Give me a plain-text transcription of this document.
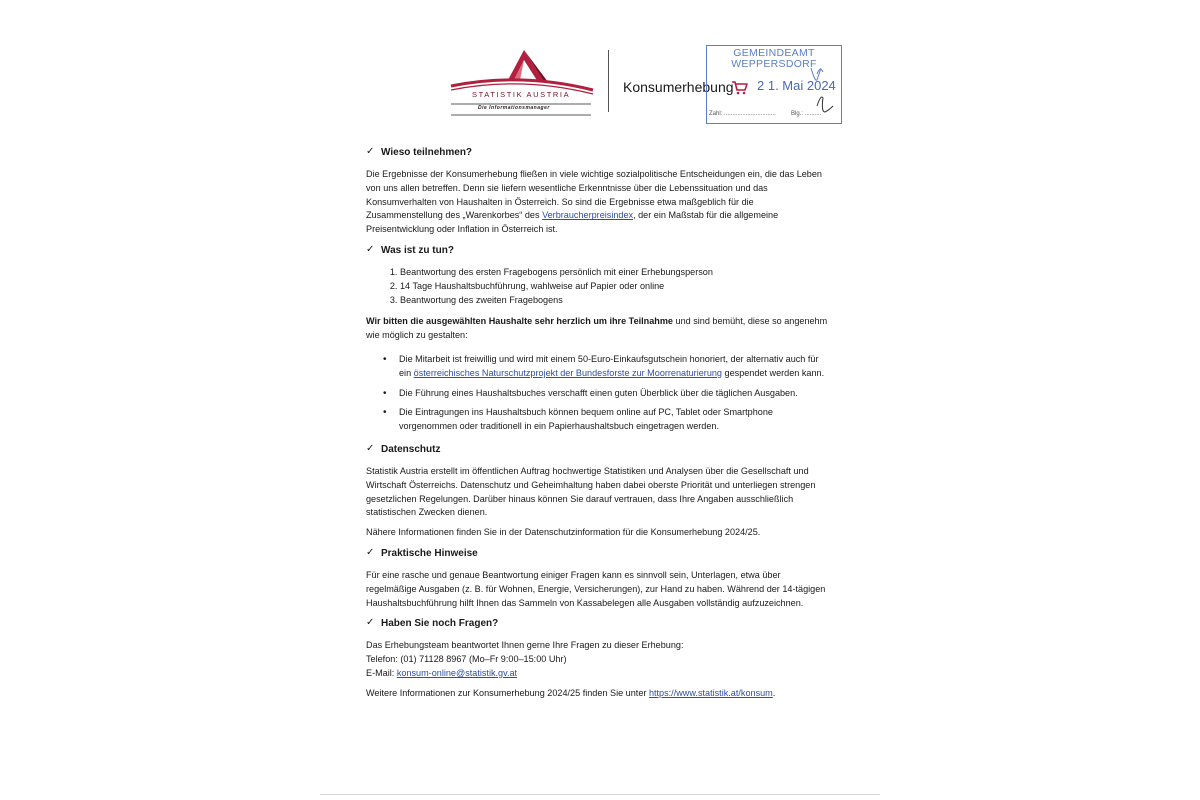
STATISTIK AUSTRIA
Die Informationsmanager
Konsumerhebung
GEMEINDEAMT
WEPPERSDORF
2 1. Mai 2024
Zahl: ...............................	Blg.: ..........
✓ Wieso teilnehmen?

Die Ergebnisse der Konsumerhebung fließen in viele wichtige sozialpolitische Entscheidungen ein, die das Leben von uns allen betreffen. Denn sie liefern wesentliche Erkenntnisse über die Lebenssituation und das Konsumverhalten von Haushalten in Österreich. So sind die Ergebnisse etwa maßgeblich für die Zusammenstellung des „Warenkorbes“ des Verbraucherpreisindex, der ein Maßstab für die allgemeine Preisentwicklung oder Inflation in Österreich ist.

✓ Was ist zu tun?
1. Beantwortung des ersten Fragebogens persönlich mit einer Erhebungsperson
2. 14 Tage Haushaltsbuchführung, wahlweise auf Papier oder online
3. Beantwortung des zweiten Fragebogens

Wir bitten die ausgewählten Haushalte sehr herzlich um ihre Teilnahme und sind bemüht, diese so angenehm wie möglich zu gestalten:

• Die Mitarbeit ist freiwillig und wird mit einem 50-Euro-Einkaufsgutschein honoriert, der alternativ auch für ein österreichisches Naturschutzprojekt der Bundesforste zur Moorrenaturierung gespendet werden kann.
• Die Führung eines Haushaltsbuches verschafft einen guten Überblick über die täglichen Ausgaben.
• Die Eintragungen ins Haushaltsbuch können bequem online auf PC, Tablet oder Smartphone vorgenommen oder traditionell in ein Papierhaushaltsbuch eingetragen werden.
✓ Datenschutz

Statistik Austria erstellt im öffentlichen Auftrag hochwertige Statistiken und Analysen über die Gesellschaft und Wirtschaft Österreichs. Datenschutz und Geheimhaltung haben dabei oberste Priorität und unterliegen strengen gesetzlichen Regelungen. Darüber hinaus können Sie darauf vertrauen, dass Ihre Angaben ausschließlich statistischen Zwecken dienen.

Nähere Informationen finden Sie in der Datenschutzinformation für die Konsumerhebung 2024/25.

✓ Praktische Hinweise

Für eine rasche und genaue Beantwortung einiger Fragen kann es sinnvoll sein, Unterlagen, etwa über regelmäßige Ausgaben (z. B. für Wohnen, Energie, Versicherungen), zur Hand zu haben. Während der 14-tägigen Haushaltsbuchführung hilft Ihnen das Sammeln von Kassabelegen alle Ausgaben vollständig aufzuzeichnen.

✓ Haben Sie noch Fragen?

Das Erhebungsteam beantwortet Ihnen gerne Ihre Fragen zu dieser Erhebung:

Telefon: (01) 71128 8967 (Mo–Fr 9:00–15:00 Uhr)

E-Mail: konsum-online@statistik.gv.at

Weitere Informationen zur Konsumerhebung 2024/25 finden Sie unter https://www.statistik.at/konsum.
